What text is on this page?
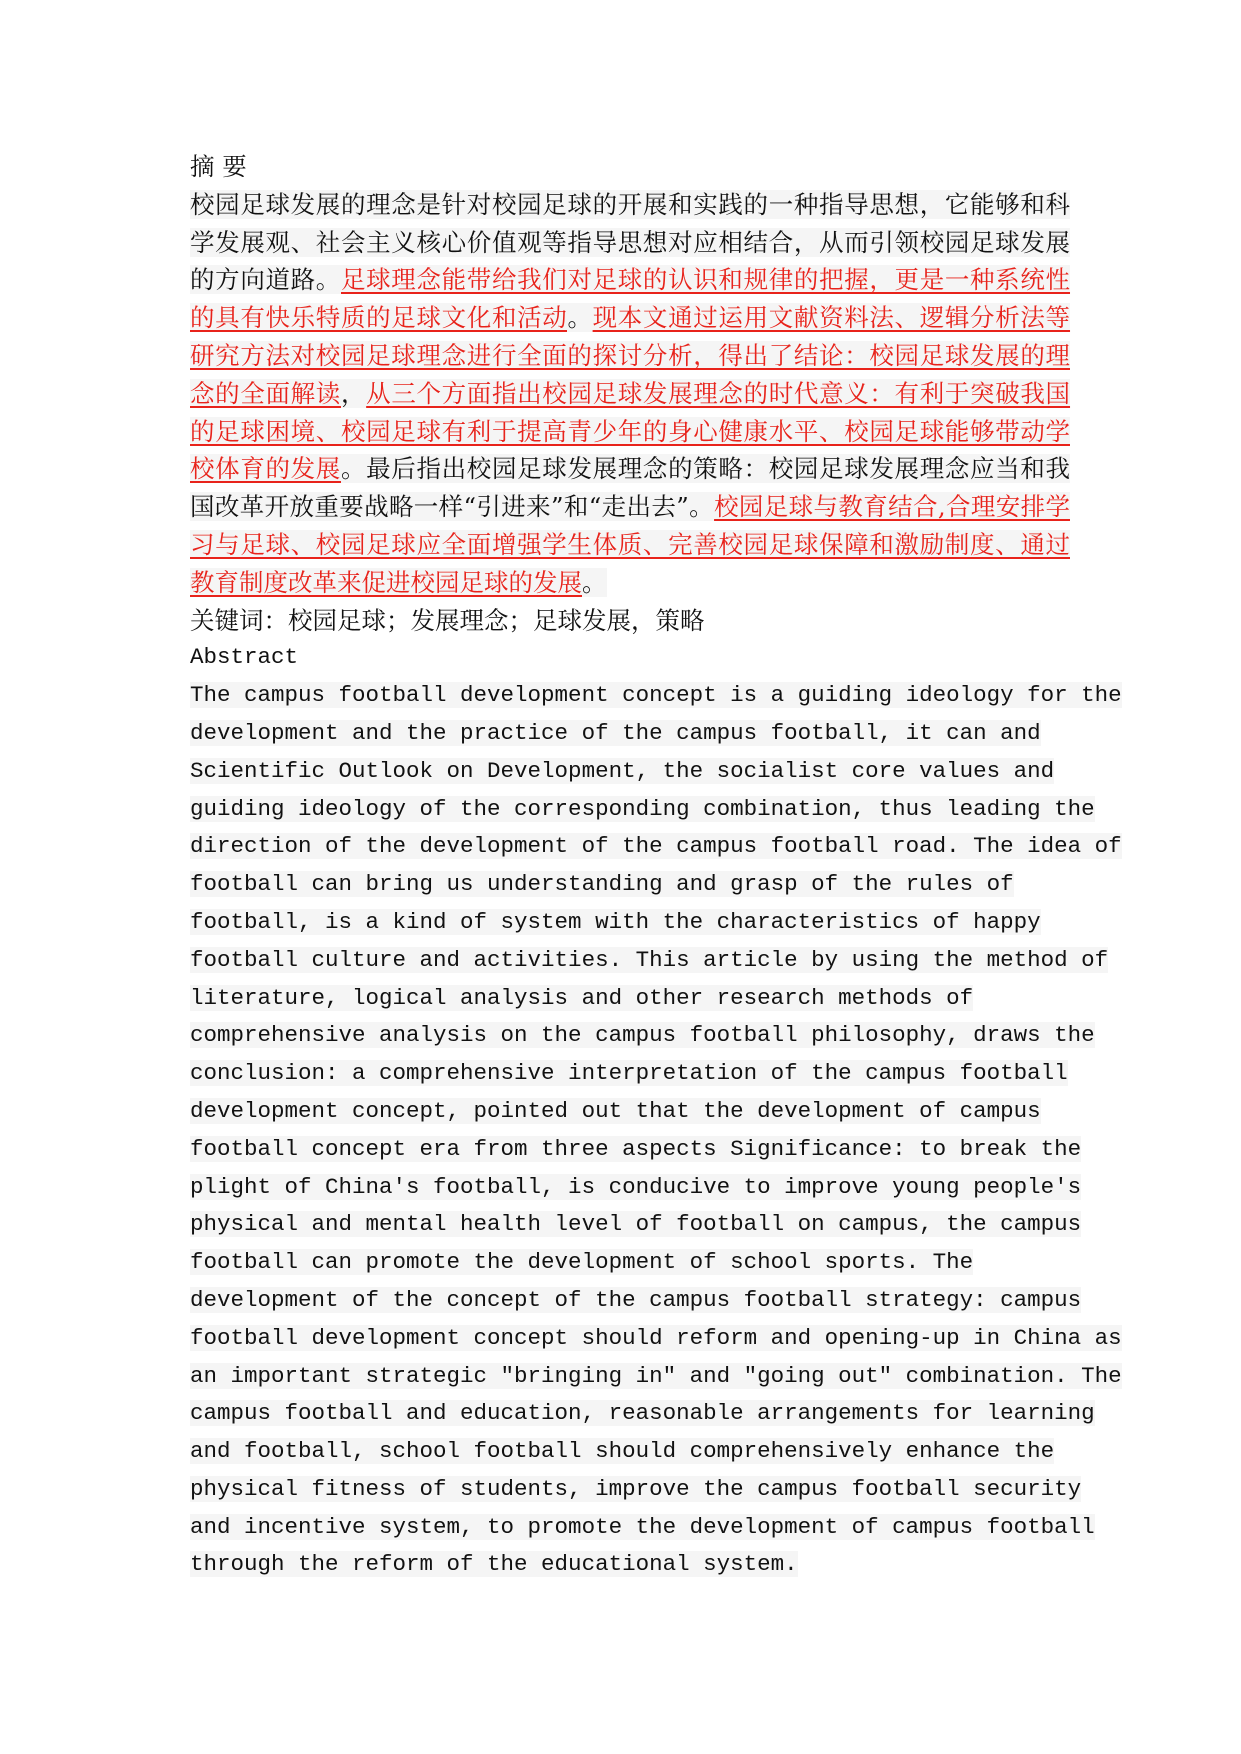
摘 要

校园足球发展的理念是针对校园足球的开展和实践的一种指导思想，它能够和科学发展观、社会主义核心价值观等指导思想对应相结合，从而引领校园足球发展的方向道路。足球理念能带给我们对足球的认识和规律的把握，更是一种系统性的具有快乐特质的足球文化和活动。现本文通过运用文献资料法、逻辑分析法等研究方法对校园足球理念进行全面的探讨分析，得出了结论：校园足球发展的理念的全面解读，从三个方面指出校园足球发展理念的时代意义：有利于突破我国的足球困境、校园足球有利于提高青少年的身心健康水平、校园足球能够带动学校体育的发展。最后指出校园足球发展理念的策略：校园足球发展理念应当和我国改革开放重要战略一样“引进来”和“走出去”。校园足球与教育结合,合理安排学习与足球、校园足球应全面增强学生体质、完善校园足球保障和激励制度、通过教育制度改革来促进校园足球的发展。

关键词：校园足球；发展理念；足球发展，策略

Abstract

The campus football development concept is a guiding ideology for the
development and the practice of the campus football, it can and
Scientific Outlook on Development, the socialist core values and
guiding ideology of the corresponding combination, thus leading the
direction of the development of the campus football road. The idea of
football can bring us understanding and grasp of the rules of
football, is a kind of system with the characteristics of happy
football culture and activities. This article by using the method of
literature, logical analysis and other research methods of
comprehensive analysis on the campus football philosophy, draws the
conclusion: a comprehensive interpretation of the campus football
development concept, pointed out that the development of campus
football concept era from three aspects Significance: to break the
plight of China's football, is conducive to improve young people's
physical and mental health level of football on campus, the campus
football can promote the development of school sports. The
development of the concept of the campus football strategy: campus
football development concept should reform and opening-up in China as
an important strategic "bringing in" and "going out" combination. The
campus football and education, reasonable arrangements for learning
and football, school football should comprehensively enhance the
physical fitness of students, improve the campus football security
and incentive system, to promote the development of campus football
through the reform of the educational system.
